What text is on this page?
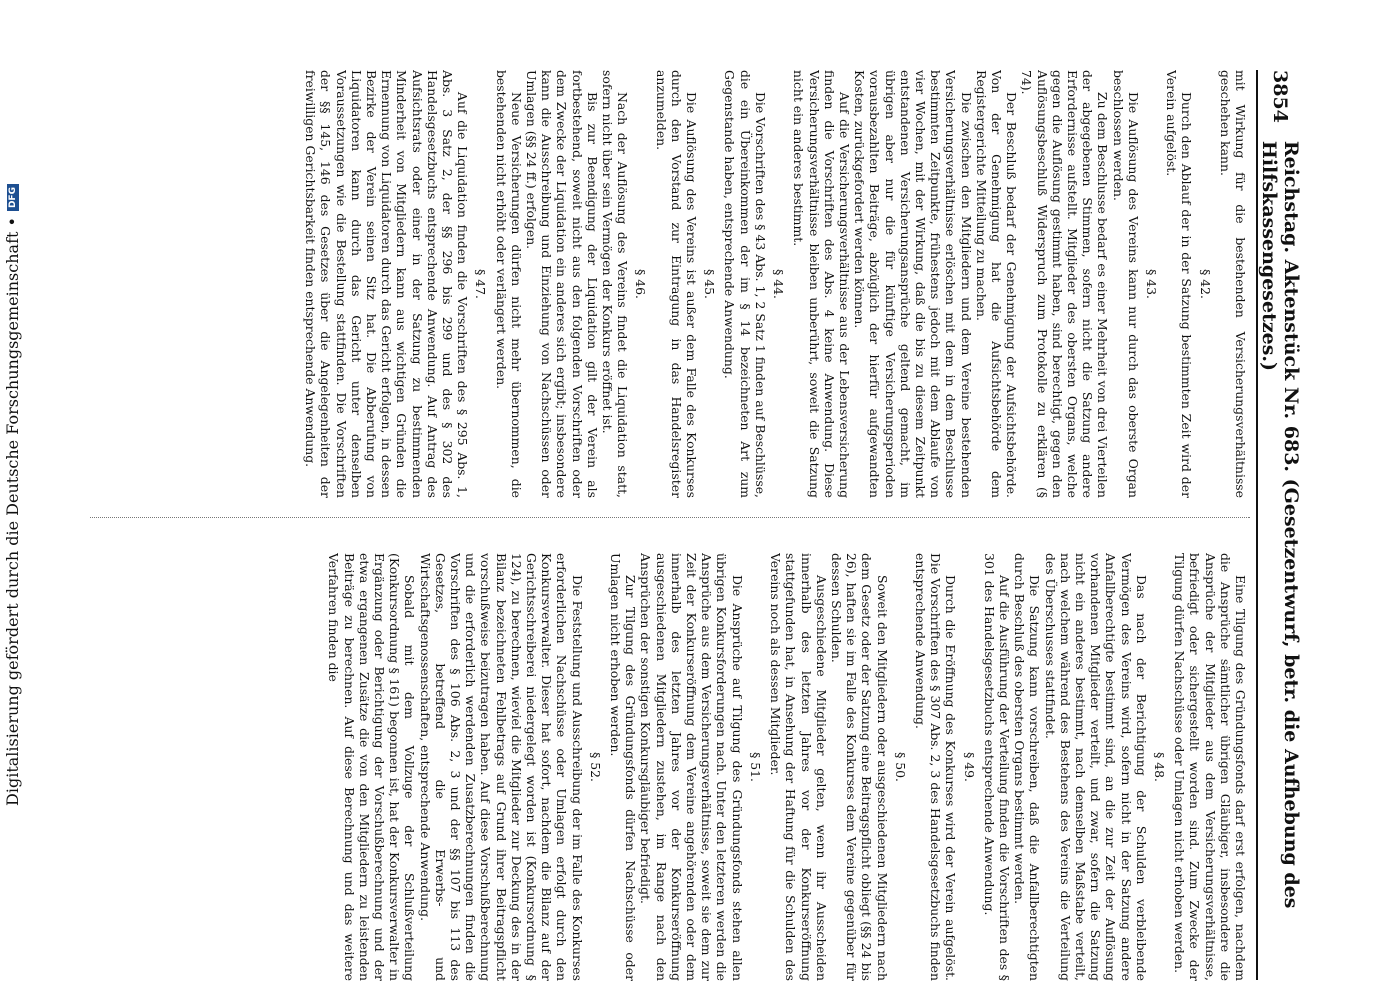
3854
Reichstag. Aktenstück Nr. 683. (Gesetzentwurf, betr. die Aufhebung des Hilfskassengesetzes.)

mit Wirkung für die bestehenden Versicherungsverhältnisse geschehen kann.

§ 42.

Durch den Ablauf der in der Satzung bestimmten Zeit wird der Verein aufgelöst.

§ 43.

Die Auflösung des Vereins kann nur durch das oberste Organ beschlossen werden.

Zu dem Beschlusse bedarf es einer Mehrheit von drei Vierteilen der abgegebenen Stimmen, sofern nicht die Satzung andere Erfordernisse aufstellt. Mitglieder des obersten Organs, welche gegen die Auflösung gestimmt haben, sind berechtigt, gegen den Auflösungsbeschluß Widerspruch zum Protokolle zu erklären (§ 74).

Der Beschluß bedarf der Genehmigung der Aufsichtsbehörde. Von der Genehmigung hat die Aufsichtsbehörde dem Registergerichte Mitteilung zu machen.

Die zwischen den Mitgliedern und dem Vereine bestehenden Versicherungsverhältnisse erlöschen mit dem in dem Beschlusse bestimmten Zeitpunkte, frühestens jedoch mit dem Ablaufe von vier Wochen, mit der Wirkung, daß die bis zu diesem Zeitpunkt entstandenen Versicherungsansprüche geltend gemacht, im übrigen aber nur die für künftige Versicherungsperioden vorausbezahlten Beiträge, abzüglich der hierfür aufgewandten Kosten, zurückgefordert werden können.

Auf die Versicherungsverhältnisse aus der Lebensversicherung finden die Vorschriften des Abs. 4 keine Anwendung. Diese Versicherungsverhältnisse bleiben unberührt, soweit die Satzung nicht ein anderes bestimmt.

§ 44.

Die Vorschriften des § 43 Abs. 1, 2 Satz 1 finden auf Beschlüsse, die ein Übereinkommen der im § 14 bezeichneten Art zum Gegenstande haben, entsprechende Anwendung.

§ 45.

Die Auflösung des Vereins ist außer dem Falle des Konkurses durch den Vorstand zur Eintragung in das Handelsregister anzumelden.

§ 46.

Nach der Auflösung des Vereins findet die Liquidation statt, sofern nicht über sein Vermögen der Konkurs eröffnet ist.

Bis zur Beendigung der Liquidation gilt der Verein als fortbestehend, soweit nicht aus den folgenden Vorschriften oder dem Zwecke der Liquidation ein anderes sich ergibt; insbesondere kann die Ausschreibung und Einziehung von Nachschüssen oder Umlagen (§§ 24 ff.) erfolgen.

Neue Versicherungen dürfen nicht mehr übernommen, die bestehenden nicht erhöht oder verlängert werden.

§ 47.

Auf die Liquidation finden die Vorschriften des § 295 Abs. 1, Abs. 3 Satz 2, der §§ 296 bis 299 und des § 302 des Handelsgesetzbuchs entsprechende Anwendung. Auf Antrag des Aufsichtsrats oder einer in der Satzung zu bestimmenden Minderheit von Mitgliedern kann aus wichtigen Gründen die Ernennung von Liquidatoren durch das Gericht erfolgen, in dessen Bezirke der Verein seinen Sitz hat. Die Abberufung von Liquidatoren kann durch das Gericht unter denselben Voraussetzungen wie die Bestellung stattfinden. Die Vorschriften der §§ 145, 146 des Gesetzes über die Angelegenheiten der freiwilligen Gerichtsbarkeit finden entsprechende Anwendung.

Eine Tilgung des Gründungsfonds darf erst erfolgen, nachdem die Ansprüche sämtlicher übrigen Gläubiger, insbesondere die Ansprüche der Mitglieder aus dem Versicherungsverhältnisse, befriedigt oder sichergestellt worden sind. Zum Zwecke der Tilgung dürfen Nachschüsse oder Umlagen nicht erhoben werden.

§ 48.

Das nach der Berichtigung der Schulden verbleibende Vermögen des Vereins wird, sofern nicht in der Satzung andere Anfallberechtigte bestimmt sind, an die zur Zeit der Auflösung vorhandenen Mitglieder verteilt, und zwar, sofern die Satzung nicht ein anderes bestimmt, nach demselben Maßstabe verteilt, nach welchem während des Bestehens des Vereins die Verteilung des Überschusses stattfindet.

Die Satzung kann vorschreiben, daß die Anfallberechtigten durch Beschluß des obersten Organs bestimmt werden.

Auf die Ausführung der Verteilung finden die Vorschriften des § 301 des Handelsgesetzbuchs entsprechende Anwendung.

§ 49.

Durch die Eröffnung des Konkurses wird der Verein aufgelöst. Die Vorschriften des § 307 Abs. 2, 3 des Handelsgesetzbuchs finden entsprechende Anwendung.

§ 50.

Soweit den Mitgliedern oder ausgeschiedenen Mitgliedern nach dem Gesetz oder der Satzung eine Beitragspflicht obliegt (§§ 24 bis 26), haften sie im Falle des Konkurses dem Vereine gegenüber für dessen Schulden.

Ausgeschiedene Mitglieder gelten, wenn ihr Ausscheiden innerhalb des letzten Jahres vor der Konkurseröffnung stattgefunden hat, in Ansehung der Haftung für die Schulden des Vereins noch als dessen Mitglieder.

§ 51.

Die Ansprüche auf Tilgung des Gründungsfonds stehen allen übrigen Konkursforderungen nach. Unter den letzteren werden die Ansprüche aus dem Versicherungsverhältnisse, soweit sie dem zur Zeit der Konkurseröffnung dem Vereine angehörenden oder dem innerhalb des letzten Jahres vor der Konkurseröffnung ausgeschiedenen Mitgliedern zustehen, im Range nach den Ansprüchen der sonstigen Konkursgläubiger befriedigt.

Zur Tilgung des Gründungsfonds dürfen Nachschüsse oder Umlagen nicht erhoben werden.

§ 52.

Die Feststellung und Ausschreibung der im Falle des Konkurses erforderlichen Nachschüsse oder Umlagen erfolgt durch den Konkursverwalter. Dieser hat sofort, nachdem die Bilanz auf der Gerichtsschreiberei niedergelegt worden ist (Konkursordnung § 124), zu berechnen, wieviel die Mitglieder zur Deckung des in der Bilanz bezeichneten Fehlbetrags auf Grund ihrer Beitragspflicht vorschußweise beizutragen haben. Auf diese Vorschußberechnung und die erforderlich werdenden Zusatzberechnungen finden die Vorschriften des § 106 Abs. 2, 3 und der §§ 107 bis 113 des Gesetzes, betreffend die Erwerbs- und Wirtschaftsgenossenschaften, entsprechende Anwendung.

Sobald mit dem Vollzuge der Schlußverteilung (Konkursordnung § 161) begonnen ist, hat der Konkursverwalter in Ergänzung oder Berichtigung der Vorschußberechnung und der etwa ergangenen Zusätze die von den Mitgliedern zu leistenden Beiträge zu berechnen. Auf diese Berechnung und das weitere Verfahren finden die

Digitalisierung gefördert durch die Deutsche Forschungsgemeinschaft •
DFG
